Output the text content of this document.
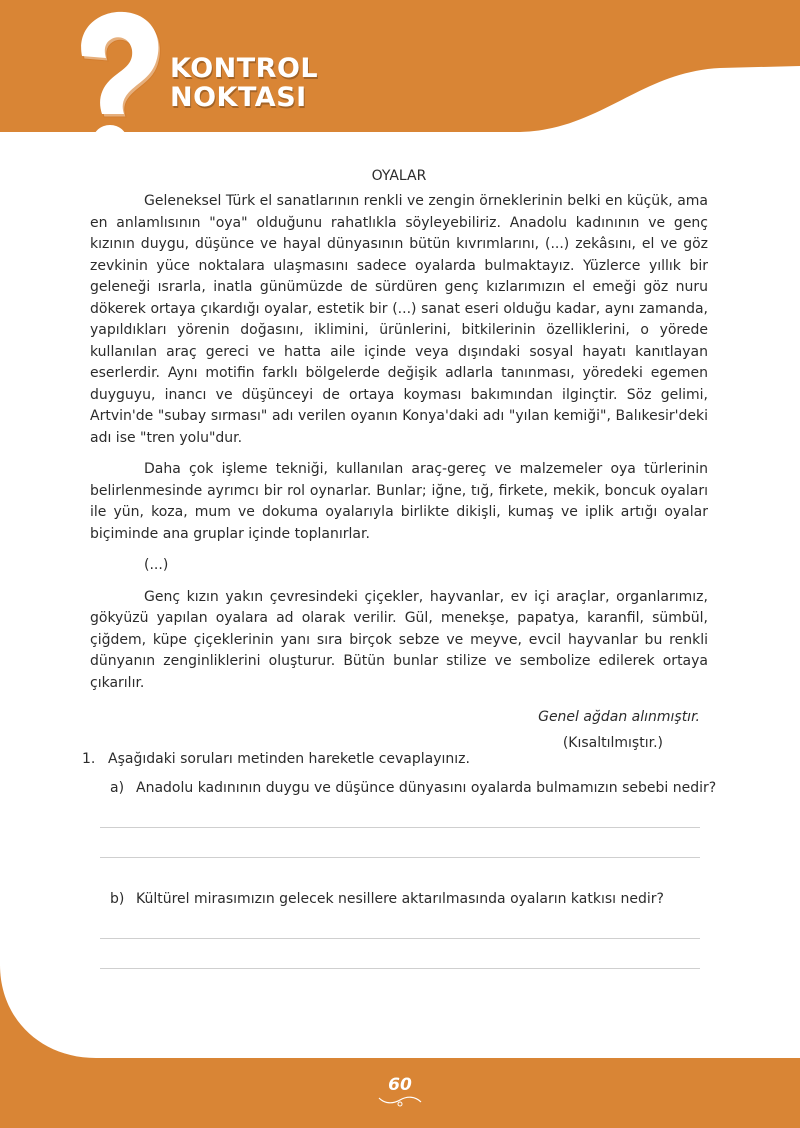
KONTROL
NOKTASI
OYALAR

Geleneksel Türk el sanatlarının renkli ve zengin örneklerinin belki en küçük, ama en anlamlısının "oya" olduğunu rahatlıkla söyleyebiliriz. Anadolu kadınının ve genç kızının duygu, düşünce ve hayal dünyasının bütün kıvrımlarını, (...) zekâsını, el ve göz zevkinin yüce noktalara ulaşmasını sadece oyalarda bulmaktayız. Yüzlerce yıllık bir geleneği ısrarla, inatla günümüzde de sürdüren genç kızlarımızın el emeği göz nuru dökerek ortaya çıkardığı oyalar, estetik bir (...) sanat eseri olduğu kadar, aynı zamanda, yapıldıkları yörenin doğasını, iklimini, ürünlerini, bitkilerinin özelliklerini, o yörede kullanılan araç gereci ve hatta aile içinde veya dışındaki sosyal hayatı kanıtlayan eserlerdir. Aynı motifin farklı bölgelerde değişik adlarla tanınması, yöredeki egemen duyguyu, inancı ve düşünceyi de ortaya koyması bakımından ilginçtir. Söz gelimi, Artvin'de "subay sırması" adı verilen oyanın Konya'daki adı "yılan kemiği", Balıkesir'deki adı ise "tren yolu"dur.

Daha çok işleme tekniği, kullanılan araç-gereç ve malzemeler oya türlerinin belirlenmesinde ayrımcı bir rol oynarlar. Bunlar; iğne, tığ, firkete, mekik, boncuk oyaları ile yün, koza, mum ve dokuma oyalarıyla birlikte dikişli, kumaş ve iplik artığı oyalar biçiminde ana gruplar içinde toplanırlar.

(...)

Genç kızın yakın çevresindeki çiçekler, hayvanlar, ev içi araçlar, organlarımız, gökyüzü yapılan oyalara ad olarak verilir. Gül, menekşe, papatya, karanfil, sümbül, çiğdem, küpe çiçeklerinin yanı sıra birçok sebze ve meyve, evcil hayvanlar bu renkli dünyanın zenginliklerini oluşturur. Bütün bunlar stilize ve sembolize edilerek ortaya çıkarılır.

Genel ağdan alınmıştır.
(Kısaltılmıştır.)
1. Aşağıdaki soruları metinden hareketle cevaplayınız.
a) Anadolu kadınının duygu ve düşünce dünyasını oyalarda bulmamızın sebebi nedir?
b) Kültürel mirasımızın gelecek nesillere aktarılmasında oyaların katkısı nedir?
60
